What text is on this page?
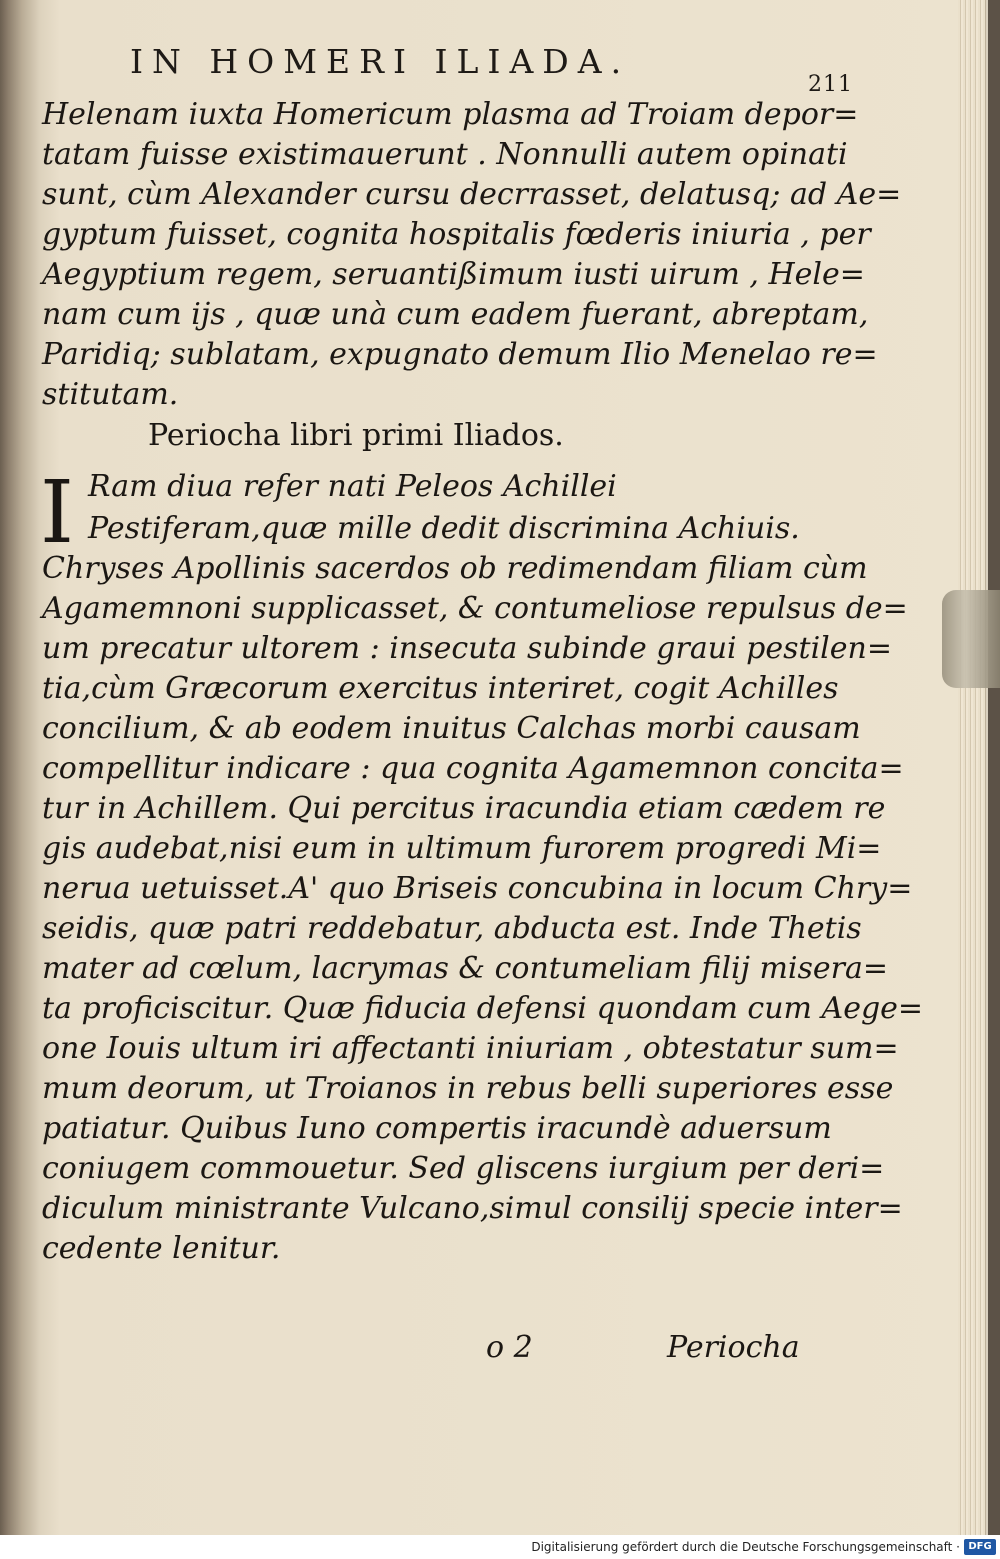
IN HOMERI ILIADA.
211
Helenam iuxta Homericum plasma ad Troiam depor=
tatam fuisse existimauerunt . Nonnulli autem opinati
sunt, cùm Alexander cursu decrrasset, delatusq; ad Ae=
gyptum fuisset, cognita hospitalis fœderis iniuria , per
Aegyptium regem, seruantißimum iusti uirum , Hele=
nam cum ijs , quæ unà cum eadem fuerant, abreptam,
Paridiq; sublatam, expugnato demum Ilio Menelao re=
stitutam.
Periocha libri primi Iliados.
I Ram diua refer nati Peleos Achillei
Pestiferam,quæ mille dedit discrimina Achiuis.
Chryses Apollinis sacerdos ob redimendam filiam cùm
Agamemnoni supplicasset, & contumeliose repulsus de=
um precatur ultorem : insecuta subinde graui pestilen=
tia,cùm Græcorum exercitus interiret, cogit Achilles
concilium, & ab eodem inuitus Calchas morbi causam
compellitur indicare : qua cognita Agamemnon concita=
tur in Achillem. Qui percitus iracundia etiam cædem re
gis audebat,nisi eum in ultimum furorem progredi Mi=
nerua uetuisset.A' quo Briseis concubina in locum Chry=
seidis, quæ patri reddebatur, abducta est. Inde Thetis
mater ad cœlum, lacrymas & contumeliam filij misera=
ta proficiscitur. Quæ fiducia defensi quondam cum Aege=
one Iouis ultum iri affectanti iniuriam , obtestatur sum=
mum deorum, ut Troianos in rebus belli superiores esse
patiatur. Quibus Iuno compertis iracundè aduersum
coniugem commouetur. Sed gliscens iurgium per deri=
diculum ministrante Vulcano,simul consilij specie inter=
cedente lenitur.
o 2	Periocha
Digitalisierung gefördert durch die Deutsche Forschungsgemeinschaft · DFG
